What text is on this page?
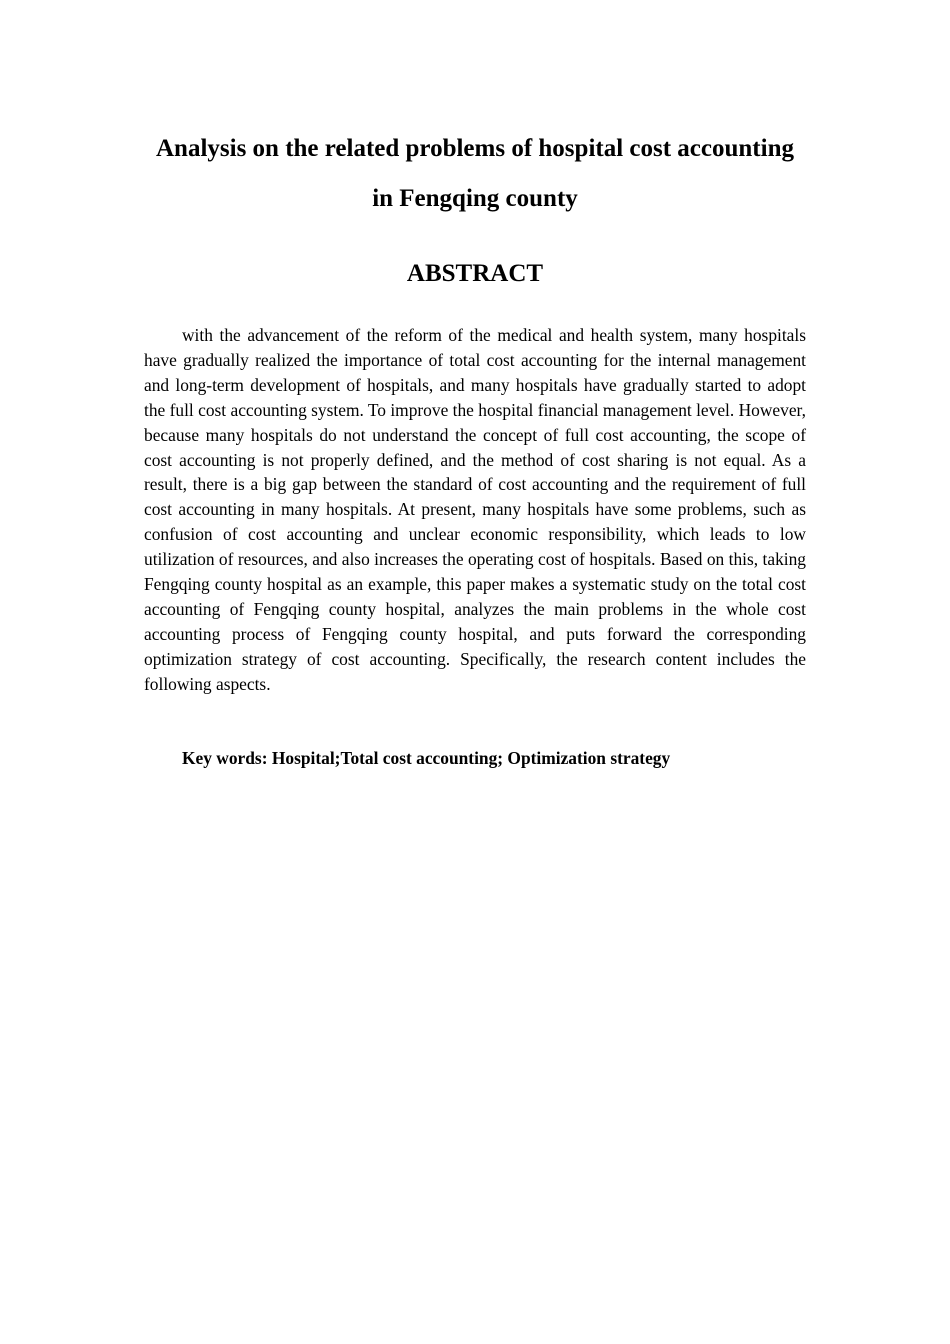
Analysis on the related problems of hospital cost accounting
in Fengqing county
ABSTRACT

with the advancement of the reform of the medical and health system, many hospitals have gradually realized the importance of total cost accounting for the internal management and long-term development of hospitals, and many hospitals have gradually started to adopt the full cost accounting system. To improve the hospital financial management level. However, because many hospitals do not understand the concept of full cost accounting, the scope of cost accounting is not properly defined, and the method of cost sharing is not equal. As a result, there is a big gap between the standard of cost accounting and the requirement of full cost accounting in many hospitals. At present, many hospitals have some problems, such as confusion of cost accounting and unclear economic responsibility, which leads to low utilization of resources, and also increases the operating cost of hospitals. Based on this, taking Fengqing county hospital as an example, this paper makes a systematic study on the total cost accounting of Fengqing county hospital, analyzes the main problems in the whole cost accounting process of Fengqing county hospital, and puts forward the corresponding optimization strategy of cost accounting. Specifically, the research content includes the following aspects.

Key words: Hospital;Total cost accounting; Optimization strategy
